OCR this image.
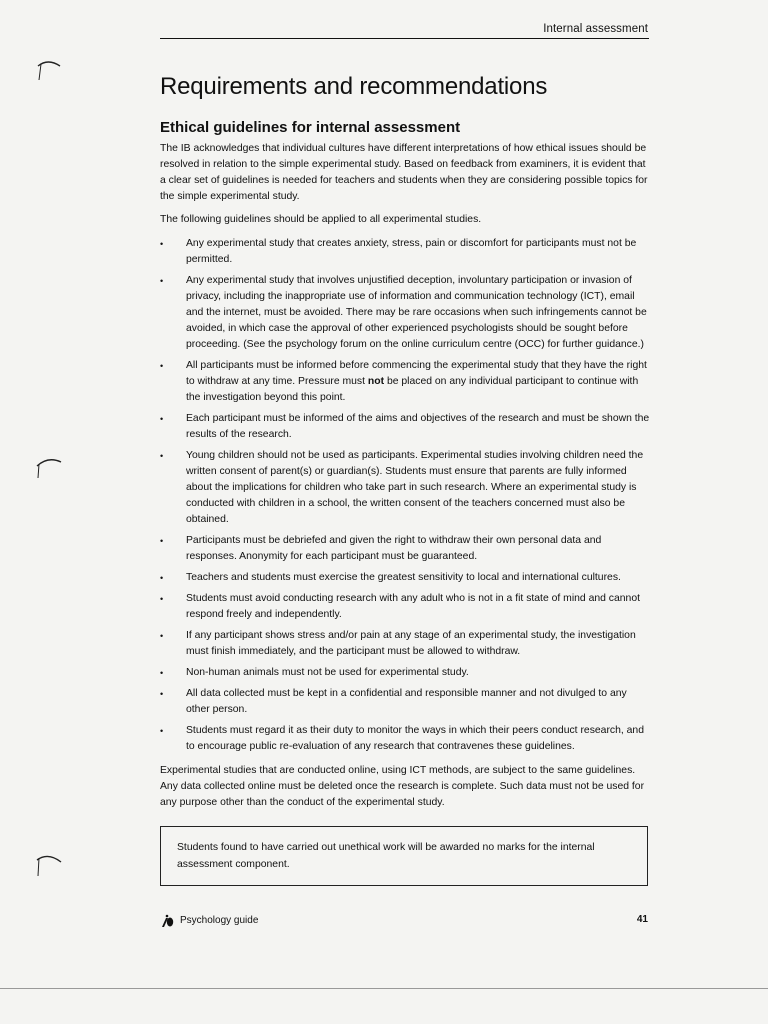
Internal assessment
Requirements and recommendations
Ethical guidelines for internal assessment

The IB acknowledges that individual cultures have different interpretations of how ethical issues should be resolved in relation to the simple experimental study. Based on feedback from examiners, it is evident that a clear set of guidelines is needed for teachers and students when they are considering possible topics for the simple experimental study.

The following guidelines should be applied to all experimental studies.

•	Any experimental study that creates anxiety, stress, pain or discomfort for participants must not be permitted.
•	Any experimental study that involves unjustified deception, involuntary participation or invasion of privacy, including the inappropriate use of information and communication technology (ICT), email and the internet, must be avoided. There may be rare occasions when such infringements cannot be avoided, in which case the approval of other experienced psychologists should be sought before proceeding. (See the psychology forum on the online curriculum centre (OCC) for further guidance.)
•	All participants must be informed before commencing the experimental study that they have the right to withdraw at any time. Pressure must not be placed on any individual participant to continue with the investigation beyond this point.
•	Each participant must be informed of the aims and objectives of the research and must be shown the results of the research.
•	Young children should not be used as participants. Experimental studies involving children need the written consent of parent(s) or guardian(s). Students must ensure that parents are fully informed about the implications for children who take part in such research. Where an experimental study is conducted with children in a school, the written consent of the teachers concerned must also be obtained.
•	Participants must be debriefed and given the right to withdraw their own personal data and responses. Anonymity for each participant must be guaranteed.
•	Teachers and students must exercise the greatest sensitivity to local and international cultures.
•	Students must avoid conducting research with any adult who is not in a fit state of mind and cannot respond freely and independently.
•	If any participant shows stress and/or pain at any stage of an experimental study, the investigation must finish immediately, and the participant must be allowed to withdraw.
•	Non-human animals must not be used for experimental study.
•	All data collected must be kept in a confidential and responsible manner and not divulged to any other person.
•	Students must regard it as their duty to monitor the ways in which their peers conduct research, and to encourage public re-evaluation of any research that contravenes these guidelines.

Experimental studies that are conducted online, using ICT methods, are subject to the same guidelines. Any data collected online must be deleted once the research is complete. Such data must not be used for any purpose other than the conduct of the experimental study.

Students found to have carried out unethical work will be awarded no marks for the internal assessment component.
Psychology guide	41
